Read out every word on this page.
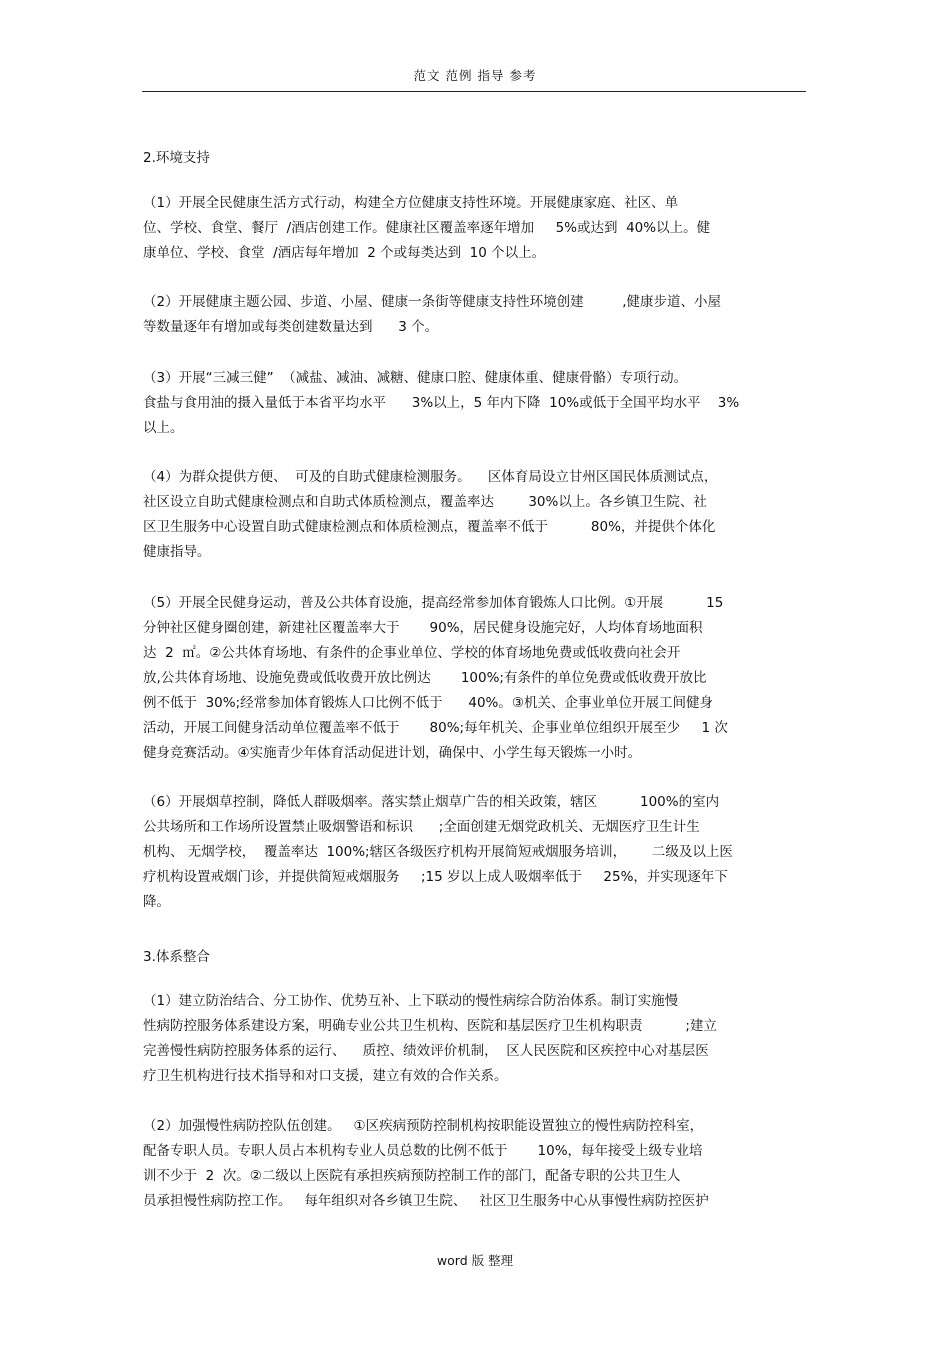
范文 范例 指导 参考
2.环境支持
（1）开展全民健康生活方式行动，构建全方位健康支持性环境。开展健康家庭、社区、单
位、学校、食堂、餐厅  /酒店创建工作。健康社区覆盖率逐年增加     5%或达到  40%以上。健
康单位、学校、食堂  /酒店每年增加  2 个或每类达到  10 个以上。
（2）开展健康主题公园、步道、小屋、健康一条街等健康支持性环境创建         ,健康步道、小屋
等数量逐年有增加或每类创建数量达到      3 个。
（3）开展“三减三健”  （减盐、减油、减糖、健康口腔、健康体重、健康骨骼）专项行动。
食盐与食用油的摄入量低于本省平均水平      3%以上，5 年内下降  10%或低于全国平均水平    3%
以上。
（4）为群众提供方便、  可及的自助式健康检测服务。    区体育局设立甘州区国民体质测试点，
社区设立自助式健康检测点和自助式体质检测点，覆盖率达        30%以上。各乡镇卫生院、社
区卫生服务中心设置自助式健康检测点和体质检测点，覆盖率不低于          80%，并提供个体化
健康指导。
（5）开展全民健身运动，普及公共体育设施，提高经常参加体育锻炼人口比例。①开展          15
分钟社区健身圈创建，新建社区覆盖率大于       90%，居民健身设施完好，人均体育场地面积
达  2  ㎡。②公共体育场地、有条件的企事业单位、学校的体育场地免费或低收费向社会开
放,公共体育场地、设施免费或低收费开放比例达       100%;有条件的单位免费或低收费开放比
例不低于  30%;经常参加体育锻炼人口比例不低于      40%。③机关、企事业单位开展工间健身
活动，开展工间健身活动单位覆盖率不低于       80%;每年机关、企事业单位组织开展至少     1 次
健身竞赛活动。④实施青少年体育活动促进计划，确保中、小学生每天锻炼一小时。
（6）开展烟草控制，降低人群吸烟率。落实禁止烟草广告的相关政策，辖区          100%的室内
公共场所和工作场所设置禁止吸烟警语和标识      ;全面创建无烟党政机关、无烟医疗卫生计生
机构、 无烟学校，  覆盖率达  100%;辖区各级医疗机构开展简短戒烟服务培训，      二级及以上医
疗机构设置戒烟门诊，并提供简短戒烟服务     ;15 岁以上成人吸烟率低于     25%，并实现逐年下
降。
3.体系整合
（1）建立防治结合、分工协作、优势互补、上下联动的慢性病综合防治体系。制订实施慢
性病防控服务体系建设方案，明确专业公共卫生机构、医院和基层医疗卫生机构职责          ;建立
完善慢性病防控服务体系的运行、    质控、绩效评价机制，  区人民医院和区疾控中心对基层医
疗卫生机构进行技术指导和对口支援，建立有效的合作关系。
（2）加强慢性病防控队伍创建。   ①区疾病预防控制机构按职能设置独立的慢性病防控科室，
配备专职人员。专职人员占本机构专业人员总数的比例不低于       10%，每年接受上级专业培
训不少于  2  次。②二级以上医院有承担疾病预防控制工作的部门，配备专职的公共卫生人
员承担慢性病防控工作。   每年组织对各乡镇卫生院、   社区卫生服务中心从事慢性病防控医护
word 版 整理
